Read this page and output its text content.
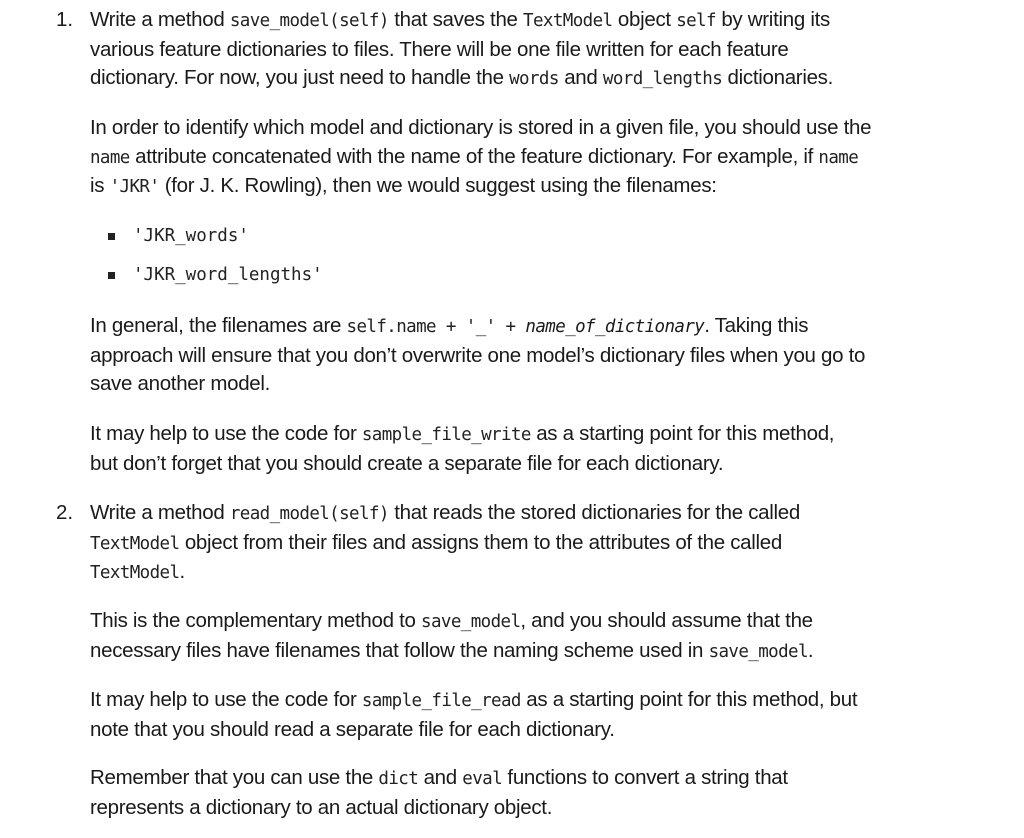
1. Write a method save_model(self) that saves the TextModel object self by writing its
various feature dictionaries to files. There will be one file written for each feature
dictionary. For now, you just need to handle the words and word_lengths dictionaries.
In order to identify which model and dictionary is stored in a given file, you should use the
name attribute concatenated with the name of the feature dictionary. For example, if name
is 'JKR' (for J. K. Rowling), then we would suggest using the filenames:
'JKR_words'
'JKR_word_lengths'
In general, the filenames are self.name + '_' + name_of_dictionary. Taking this
approach will ensure that you don’t overwrite one model’s dictionary files when you go to
save another model.
It may help to use the code for sample_file_write as a starting point for this method,
but don’t forget that you should create a separate file for each dictionary.
2. Write a method read_model(self) that reads the stored dictionaries for the called
TextModel object from their files and assigns them to the attributes of the called
TextModel.
This is the complementary method to save_model, and you should assume that the
necessary files have filenames that follow the naming scheme used in save_model.
It may help to use the code for sample_file_read as a starting point for this method, but
note that you should read a separate file for each dictionary.
Remember that you can use the dict and eval functions to convert a string that
represents a dictionary to an actual dictionary object.
